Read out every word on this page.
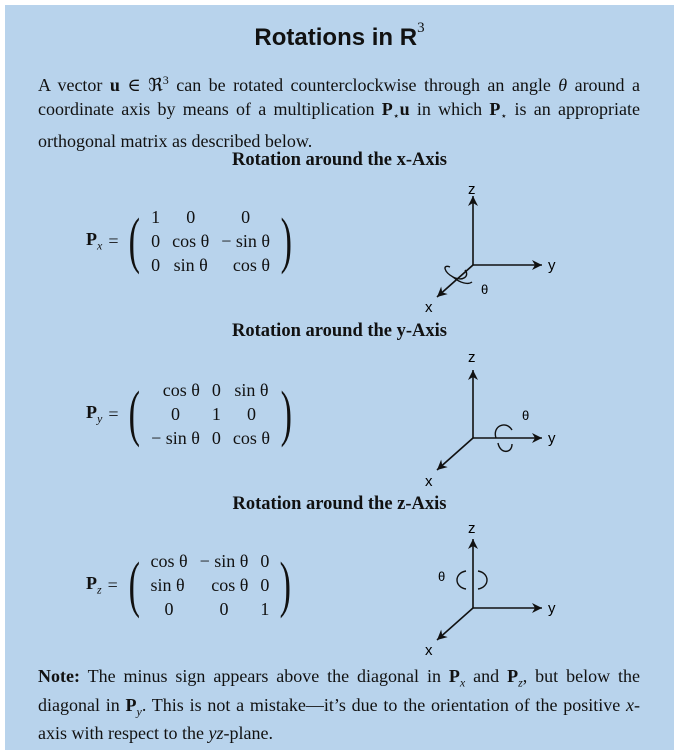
Rotations in $R^3$
A vector u ∈ ℜ$^3$ can be rotated counterclockwise through an angle θ around a coordinate axis by means of a multiplication $P_⋆u$ in which $P_⋆$ is an appropriate orthogonal matrix as described below.
Rotation around the x-Axis
$P_x$ = ( 1	0	0
0	cos θ	− sin θ
0	sin θ	cos θ )
z
y
x
θ
Rotation around the y-Axis
$P_y$ = ( cos θ	0	sin θ
0	1	0
− sin θ	0	cos θ )
z
y
x
θ
Rotation around the z-Axis
$P_z$ = ( cos θ	− sin θ	0
sin θ	cos θ	0
0	0	1 )
z
y
x
θ
Note: The minus sign appears above the diagonal in $P_x$ and $P_z$, but below the diagonal in $P_y$. This is not a mistake—it’s due to the orientation of the positive x-axis with respect to the yz-plane.
